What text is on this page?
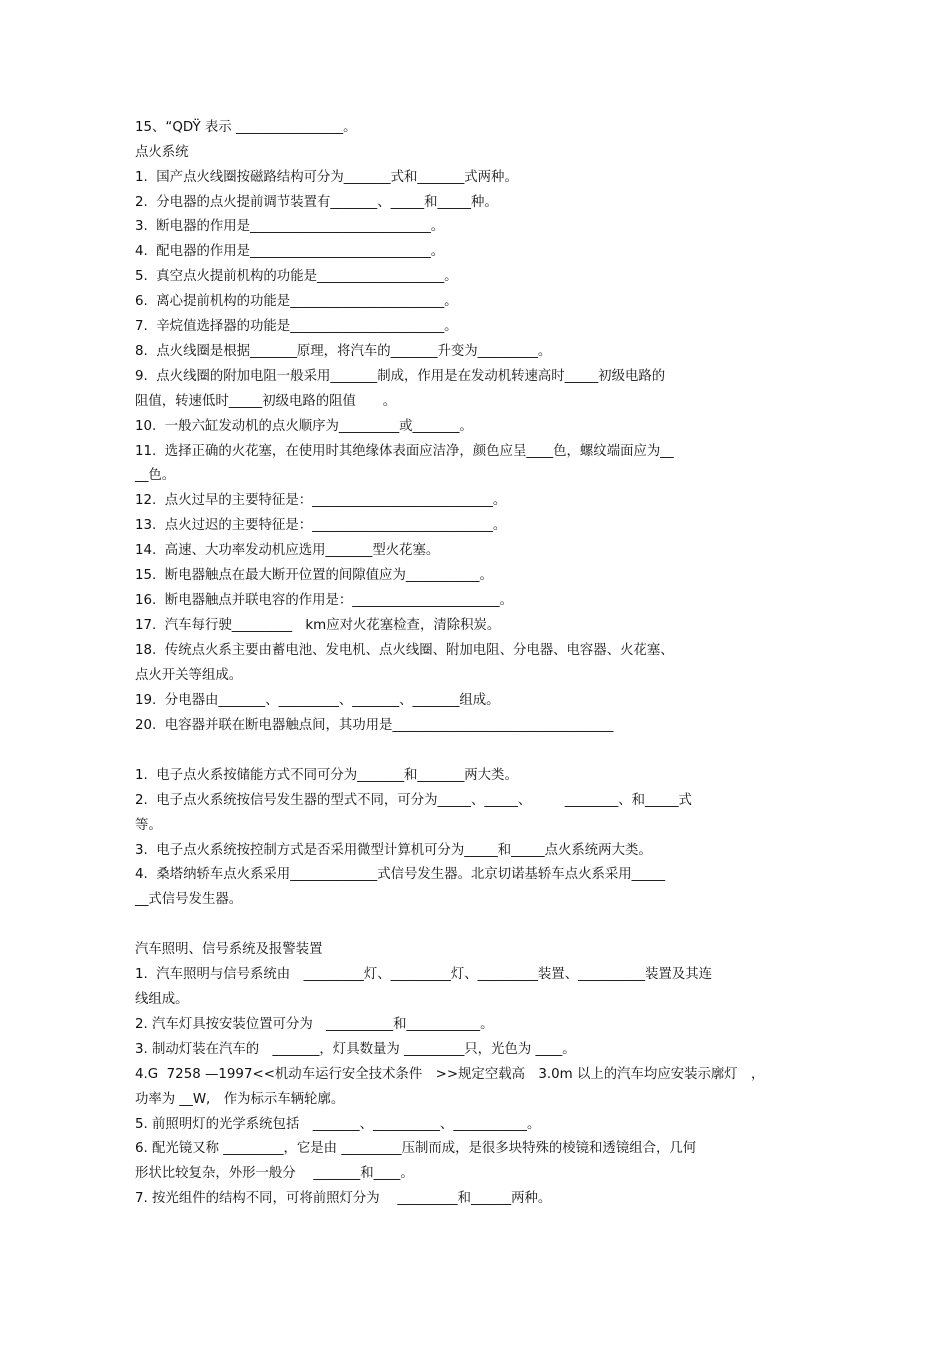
15、“QDŸ 表示 ________________。
点火系统
1.  国产点火线圈按磁路结构可分为_______式和_______式两种。
2.  分电器的点火提前调节装置有_______、_____和_____种。
3.  断电器的作用是___________________________。
4.  配电器的作用是___________________________。
5.  真空点火提前机构的功能是___________________。
6.  离心提前机构的功能是_______________________。
7.  辛烷值选择器的功能是_______________________。
8.  点火线圈是根据_______原理，将汽车的_______升变为_________。
9.  点火线圈的附加电阻一般采用_______制成，作用是在发动机转速高时_____初级电路的
阻值，转速低时_____初级电路的阻值　　。
10.  一般六缸发动机的点火顺序为_________或_______。
11.  选择正确的火花塞，在使用时其绝缘体表面应洁净，颜色应呈____色，螺纹端面应为__
__色。
12.  点火过早的主要特征是：___________________________。
13.  点火过迟的主要特征是：___________________________。
14.  高速、大功率发动机应选用_______型火花塞。
15.  断电器触点在最大断开位置的间隙值应为___________。
16.  断电器触点并联电容的作用是：______________________。
17.  汽车每行驶_________　km应对火花塞检查，清除积炭。
18.  传统点火系主要由蓄电池、发电机、点火线圈、附加电阻、分电器、电容器、火花塞、
点火开关等组成。
19.  分电器由_______、_________、_______、_______组成。
20.  电容器并联在断电器触点间，其功用是_________________________________
1.  电子点火系按储能方式不同可分为_______和_______两大类。
2.  电子点火系统按信号发生器的型式不同，可分为_____、_____、　　　________、和_____式
等。
3.  电子点火系统按控制方式是否采用微型计算机可分为_____和_____点火系统两大类。
4.  桑塔纳轿车点火系采用_____________式信号发生器。北京切诺基轿车点火系采用_____
__式信号发生器。
汽车照明、信号系统及报警装置
1.  汽车照明与信号系统由　_________灯、_________灯、_________装置、__________装置及其连
线组成。
2. 汽车灯具按安装位置可分为　__________和___________。
3. 制动灯装在汽车的　_______，灯具数量为 _________只，光色为 ____。
4.G  7258 —1997<<机动车运行安全技术条件　>>规定空载高　3.0m 以上的汽车均应安装示廓灯　，
功率为 __W,　作为标示车辆轮廓。
5. 前照明灯的光学系统包括　_______、__________、___________。
6. 配光镜又称 _________，它是由 _________压制而成，是很多块特殊的棱镜和透镜组合，几何
形状比较复杂，外形一般分　 _______和____。
7. 按光组件的结构不同，可将前照灯分为　 _________和______两种。
